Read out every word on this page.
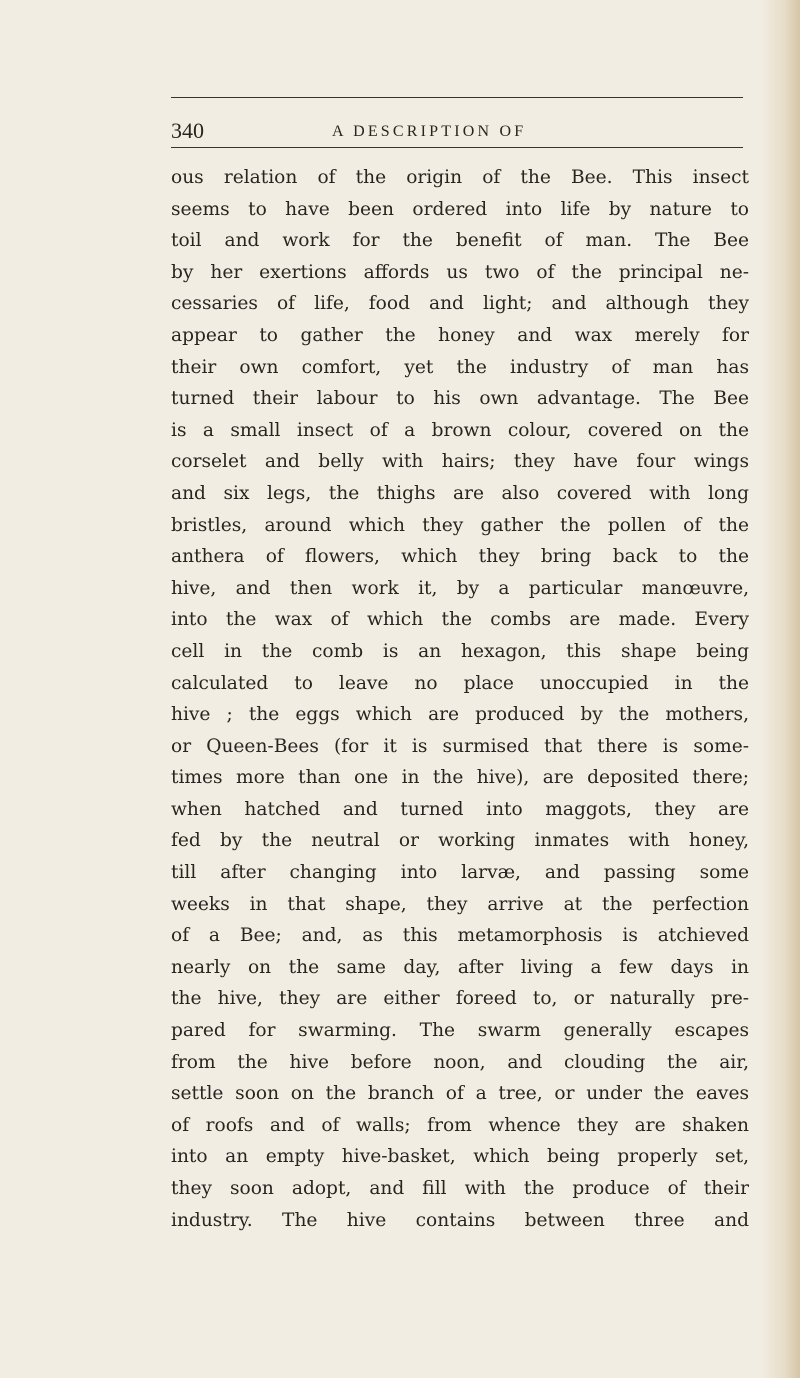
340	A DESCRIPTION OF
ous relation of the origin of the Bee. This insect
seems to have been ordered into life by nature to
toil and work for the benefit of man. The Bee
by her exertions affords us two of the principal ne-
cessaries of life, food and light; and although they
appear to gather the honey and wax merely for
their own comfort, yet the industry of man has
turned their labour to his own advantage. The Bee
is a small insect of a brown colour, covered on the
corselet and belly with hairs; they have four wings
and six legs, the thighs are also covered with long
bristles, around which they gather the pollen of the
anthera of flowers, which they bring back to the
hive, and then work it, by a particular manœuvre,
into the wax of which the combs are made. Every
cell in the comb is an hexagon, this shape being
calculated to leave no place unoccupied in the
hive ; the eggs which are produced by the mothers,
or Queen-Bees (for it is surmised that there is some-
times more than one in the hive), are deposited there;
when hatched and turned into maggots, they are
fed by the neutral or working inmates with honey,
till after changing into larvæ, and passing some
weeks in that shape, they arrive at the perfection
of a Bee; and, as this metamorphosis is atchieved
nearly on the same day, after living a few days in
the hive, they are either foreed to, or naturally pre-
pared for swarming. The swarm generally escapes
from the hive before noon, and clouding the air,
settle soon on the branch of a tree, or under the eaves
of roofs and of walls; from whence they are shaken
into an empty hive-basket, which being properly set,
they soon adopt, and fill with the produce of their
industry. The hive contains between three and
